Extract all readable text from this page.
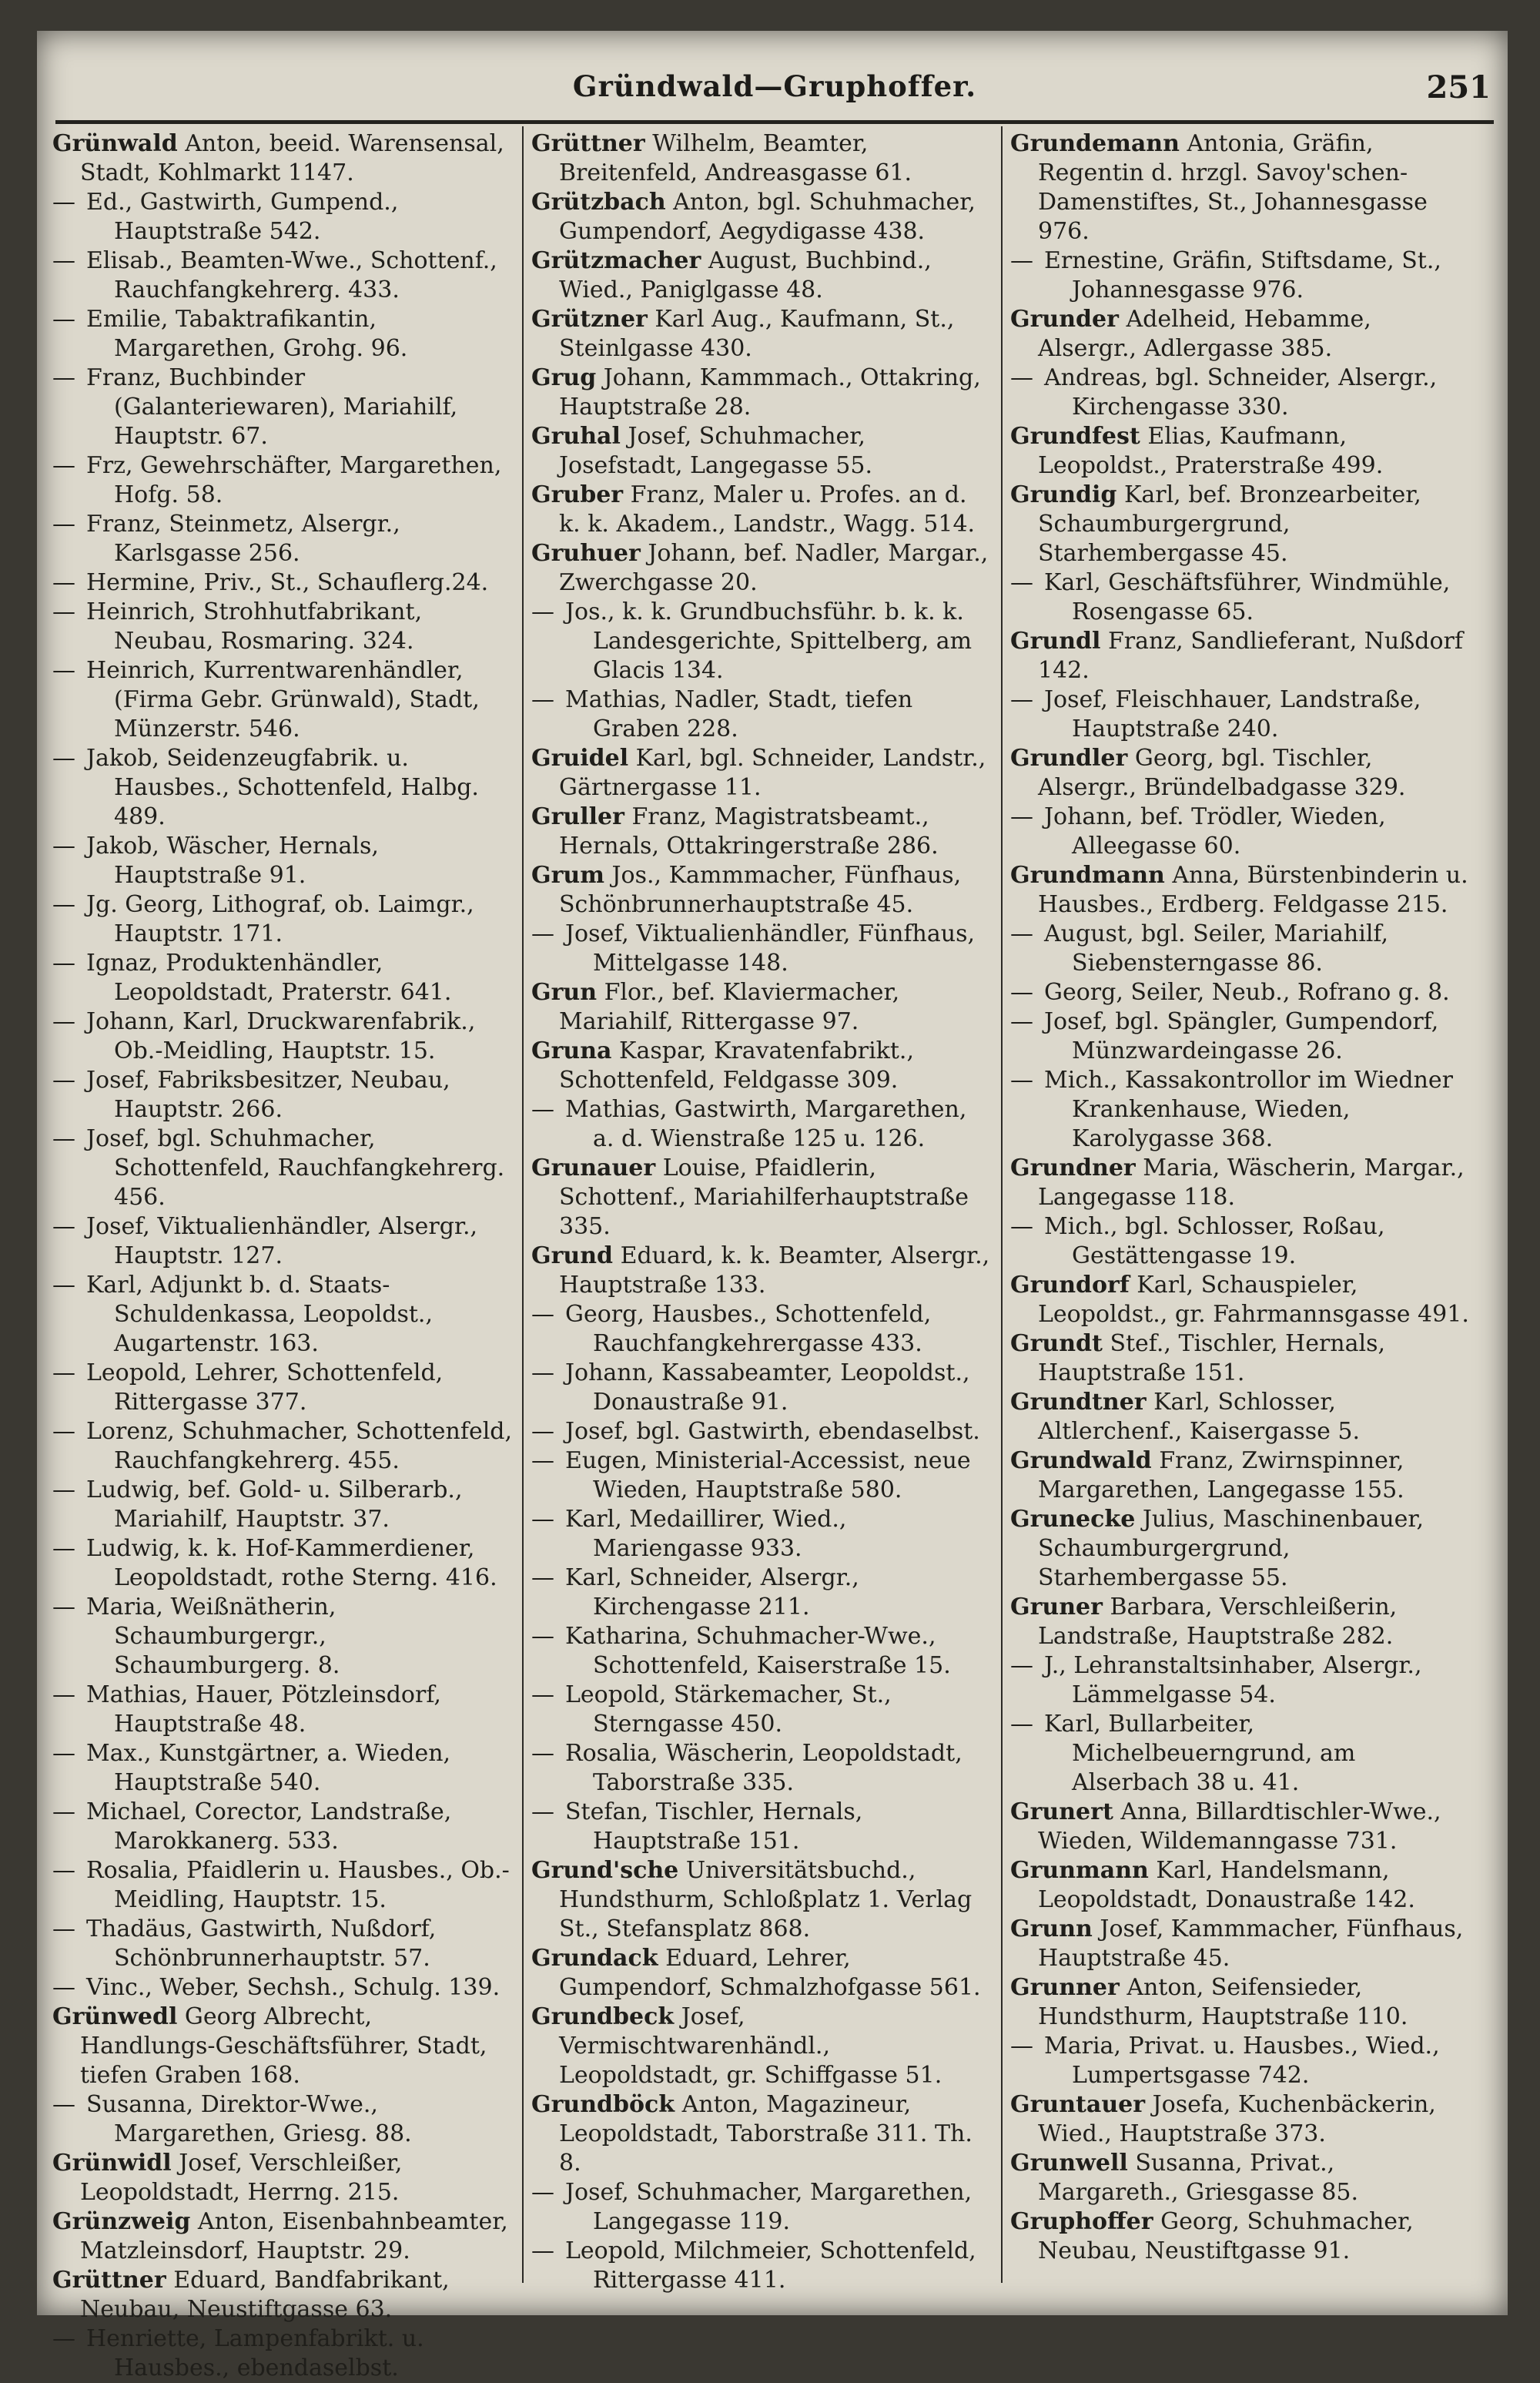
Gründwald—Gruphoffer.	251

Grünwald Anton, beeid. Warensensal, Stadt, Kohlmarkt 1147.

— Ed., Gastwirth, Gumpend., Hauptstraße 542.

— Elisab., Beamten-Wwe., Schottenf., Rauchfangkehrerg. 433.

— Emilie, Tabaktrafikantin, Margarethen, Grohg. 96.

— Franz, Buchbinder (Galanteriewaren), Mariahilf, Hauptstr. 67.

— Frz, Gewehrschäfter, Margarethen, Hofg. 58.

— Franz, Steinmetz, Alsergr., Karlsgasse 256.

— Hermine, Priv., St., Schauflerg.24.

— Heinrich, Strohhutfabrikant, Neubau, Rosmaring. 324.

— Heinrich, Kurrentwarenhändler, (Firma Gebr. Grünwald), Stadt, Münzerstr. 546.

— Jakob, Seidenzeugfabrik. u. Hausbes., Schottenfeld, Halbg. 489.

— Jakob, Wäscher, Hernals, Hauptstraße 91.

— Jg. Georg, Lithograf, ob. Laimgr., Hauptstr. 171.

— Ignaz, Produktenhändler, Leopoldstadt, Praterstr. 641.

— Johann, Karl, Druckwarenfabrik., Ob.-Meidling, Hauptstr. 15.

— Josef, Fabriksbesitzer, Neubau, Hauptstr. 266.

— Josef, bgl. Schuhmacher, Schottenfeld, Rauchfangkehrerg. 456.

— Josef, Viktualienhändler, Alsergr., Hauptstr. 127.

— Karl, Adjunkt b. d. Staats-Schuldenkassa, Leopoldst., Augartenstr. 163.

— Leopold, Lehrer, Schottenfeld, Rittergasse 377.

— Lorenz, Schuhmacher, Schottenfeld, Rauchfangkehrerg. 455.

— Ludwig, bef. Gold- u. Silberarb., Mariahilf, Hauptstr. 37.

— Ludwig, k. k. Hof-Kammerdiener, Leopoldstadt, rothe Sterng. 416.

— Maria, Weißnätherin, Schaumburgergr., Schaumburgerg. 8.

— Mathias, Hauer, Pötzleinsdorf, Hauptstraße 48.

— Max., Kunstgärtner, a. Wieden, Hauptstraße 540.

— Michael, Corector, Landstraße, Marokkanerg. 533.

— Rosalia, Pfaidlerin u. Hausbes., Ob.-Meidling, Hauptstr. 15.

— Thadäus, Gastwirth, Nußdorf, Schönbrunnerhauptstr. 57.

— Vinc., Weber, Sechsh., Schulg. 139.

Grünwedl Georg Albrecht, Handlungs-Geschäftsführer, Stadt, tiefen Graben 168.

— Susanna, Direktor-Wwe., Margarethen, Griesg. 88.

Grünwidl Josef, Verschleißer, Leopoldstadt, Herrng. 215.

Grünzweig Anton, Eisenbahnbeamter, Matzleinsdorf, Hauptstr. 29.

Grüttner Eduard, Bandfabrikant, Neubau, Neustiftgasse 63.

— Henriette, Lampenfabrikt. u. Hausbes., ebendaselbst.

Grüttner Wilhelm, Beamter, Breitenfeld, Andreasgasse 61.

Grützbach Anton, bgl. Schuhmacher, Gumpendorf, Aegydigasse 438.

Grützmacher August, Buchbind., Wied., Paniglgasse 48.

Grützner Karl Aug., Kaufmann, St., Steinlgasse 430.

Grug Johann, Kammmach., Ottakring, Hauptstraße 28.

Gruhal Josef, Schuhmacher, Josefstadt, Langegasse 55.

Gruber Franz, Maler u. Profes. an d. k. k. Akadem., Landstr., Wagg. 514.

Gruhuer Johann, bef. Nadler, Margar., Zwerchgasse 20.

— Jos., k. k. Grundbuchsführ. b. k. k. Landesgerichte, Spittelberg, am Glacis 134.

— Mathias, Nadler, Stadt, tiefen Graben 228.

Gruidel Karl, bgl. Schneider, Landstr., Gärtnergasse 11.

Gruller Franz, Magistratsbeamt., Hernals, Ottakringerstraße 286.

Grum Jos., Kammmacher, Fünfhaus, Schönbrunnerhauptstraße 45.

— Josef, Viktualienhändler, Fünfhaus, Mittelgasse 148.

Grun Flor., bef. Klaviermacher, Mariahilf, Rittergasse 97.

Gruna Kaspar, Kravatenfabrikt., Schottenfeld, Feldgasse 309.

— Mathias, Gastwirth, Margarethen, a. d. Wienstraße 125 u. 126.

Grunauer Louise, Pfaidlerin, Schottenf., Mariahilferhauptstraße 335.

Grund Eduard, k. k. Beamter, Alsergr., Hauptstraße 133.

— Georg, Hausbes., Schottenfeld, Rauchfangkehrergasse 433.

— Johann, Kassabeamter, Leopoldst., Donaustraße 91.

— Josef, bgl. Gastwirth, ebendaselbst.

— Eugen, Ministerial-Accessist, neue Wieden, Hauptstraße 580.

— Karl, Medaillirer, Wied., Mariengasse 933.

— Karl, Schneider, Alsergr., Kirchengasse 211.

— Katharina, Schuhmacher-Wwe., Schottenfeld, Kaiserstraße 15.

— Leopold, Stärkemacher, St., Sterngasse 450.

— Rosalia, Wäscherin, Leopoldstadt, Taborstraße 335.

— Stefan, Tischler, Hernals, Hauptstraße 151.

Grund'sche Universitätsbuchd., Hundsthurm, Schloßplatz 1. Verlag St., Stefansplatz 868.

Grundack Eduard, Lehrer, Gumpendorf, Schmalzhofgasse 561.

Grundbeck Josef, Vermischtwarenhändl., Leopoldstadt, gr. Schiffgasse 51.

Grundböck Anton, Magazineur, Leopoldstadt, Taborstraße 311. Th. 8.

— Josef, Schuhmacher, Margarethen, Langegasse 119.

— Leopold, Milchmeier, Schottenfeld, Rittergasse 411.

Grundemann Antonia, Gräfin, Regentin d. hrzgl. Savoy'schen-Damenstiftes, St., Johannesgasse 976.

— Ernestine, Gräfin, Stiftsdame, St., Johannesgasse 976.

Grunder Adelheid, Hebamme, Alsergr., Adlergasse 385.

— Andreas, bgl. Schneider, Alsergr., Kirchengasse 330.

Grundfest Elias, Kaufmann, Leopoldst., Praterstraße 499.

Grundig Karl, bef. Bronzearbeiter, Schaumburgergrund, Starhembergasse 45.

— Karl, Geschäftsführer, Windmühle, Rosengasse 65.

Grundl Franz, Sandlieferant, Nußdorf 142.

— Josef, Fleischhauer, Landstraße, Hauptstraße 240.

Grundler Georg, bgl. Tischler, Alsergr., Bründelbadgasse 329.

— Johann, bef. Trödler, Wieden, Alleegasse 60.

Grundmann Anna, Bürstenbinderin u. Hausbes., Erdberg. Feldgasse 215.

— August, bgl. Seiler, Mariahilf, Siebensterngasse 86.

— Georg, Seiler, Neub., Rofrano g. 8.

— Josef, bgl. Spängler, Gumpendorf, Münzwardeingasse 26.

— Mich., Kassakontrollor im Wiedner Krankenhause, Wieden, Karolygasse 368.

Grundner Maria, Wäscherin, Margar., Langegasse 118.

— Mich., bgl. Schlosser, Roßau, Gestättengasse 19.

Grundorf Karl, Schauspieler, Leopoldst., gr. Fahrmannsgasse 491.

Grundt Stef., Tischler, Hernals, Hauptstraße 151.

Grundtner Karl, Schlosser, Altlerchenf., Kaisergasse 5.

Grundwald Franz, Zwirnspinner, Margarethen, Langegasse 155.

Grunecke Julius, Maschinenbauer, Schaumburgergrund, Starhembergasse 55.

Gruner Barbara, Verschleißerin, Landstraße, Hauptstraße 282.

— J., Lehranstaltsinhaber, Alsergr., Lämmelgasse 54.

— Karl, Bullarbeiter, Michelbeuerngrund, am Alserbach 38 u. 41.

Grunert Anna, Billardtischler-Wwe., Wieden, Wildemanngasse 731.

Grunmann Karl, Handelsmann, Leopoldstadt, Donaustraße 142.

Grunn Josef, Kammmacher, Fünfhaus, Hauptstraße 45.

Grunner Anton, Seifensieder, Hundsthurm, Hauptstraße 110.

— Maria, Privat. u. Hausbes., Wied., Lumpertsgasse 742.

Gruntauer Josefa, Kuchenbäckerin, Wied., Hauptstraße 373.

Grunwell Susanna, Privat., Margareth., Griesgasse 85.

Gruphoffer Georg, Schuhmacher, Neubau, Neustiftgasse 91.
